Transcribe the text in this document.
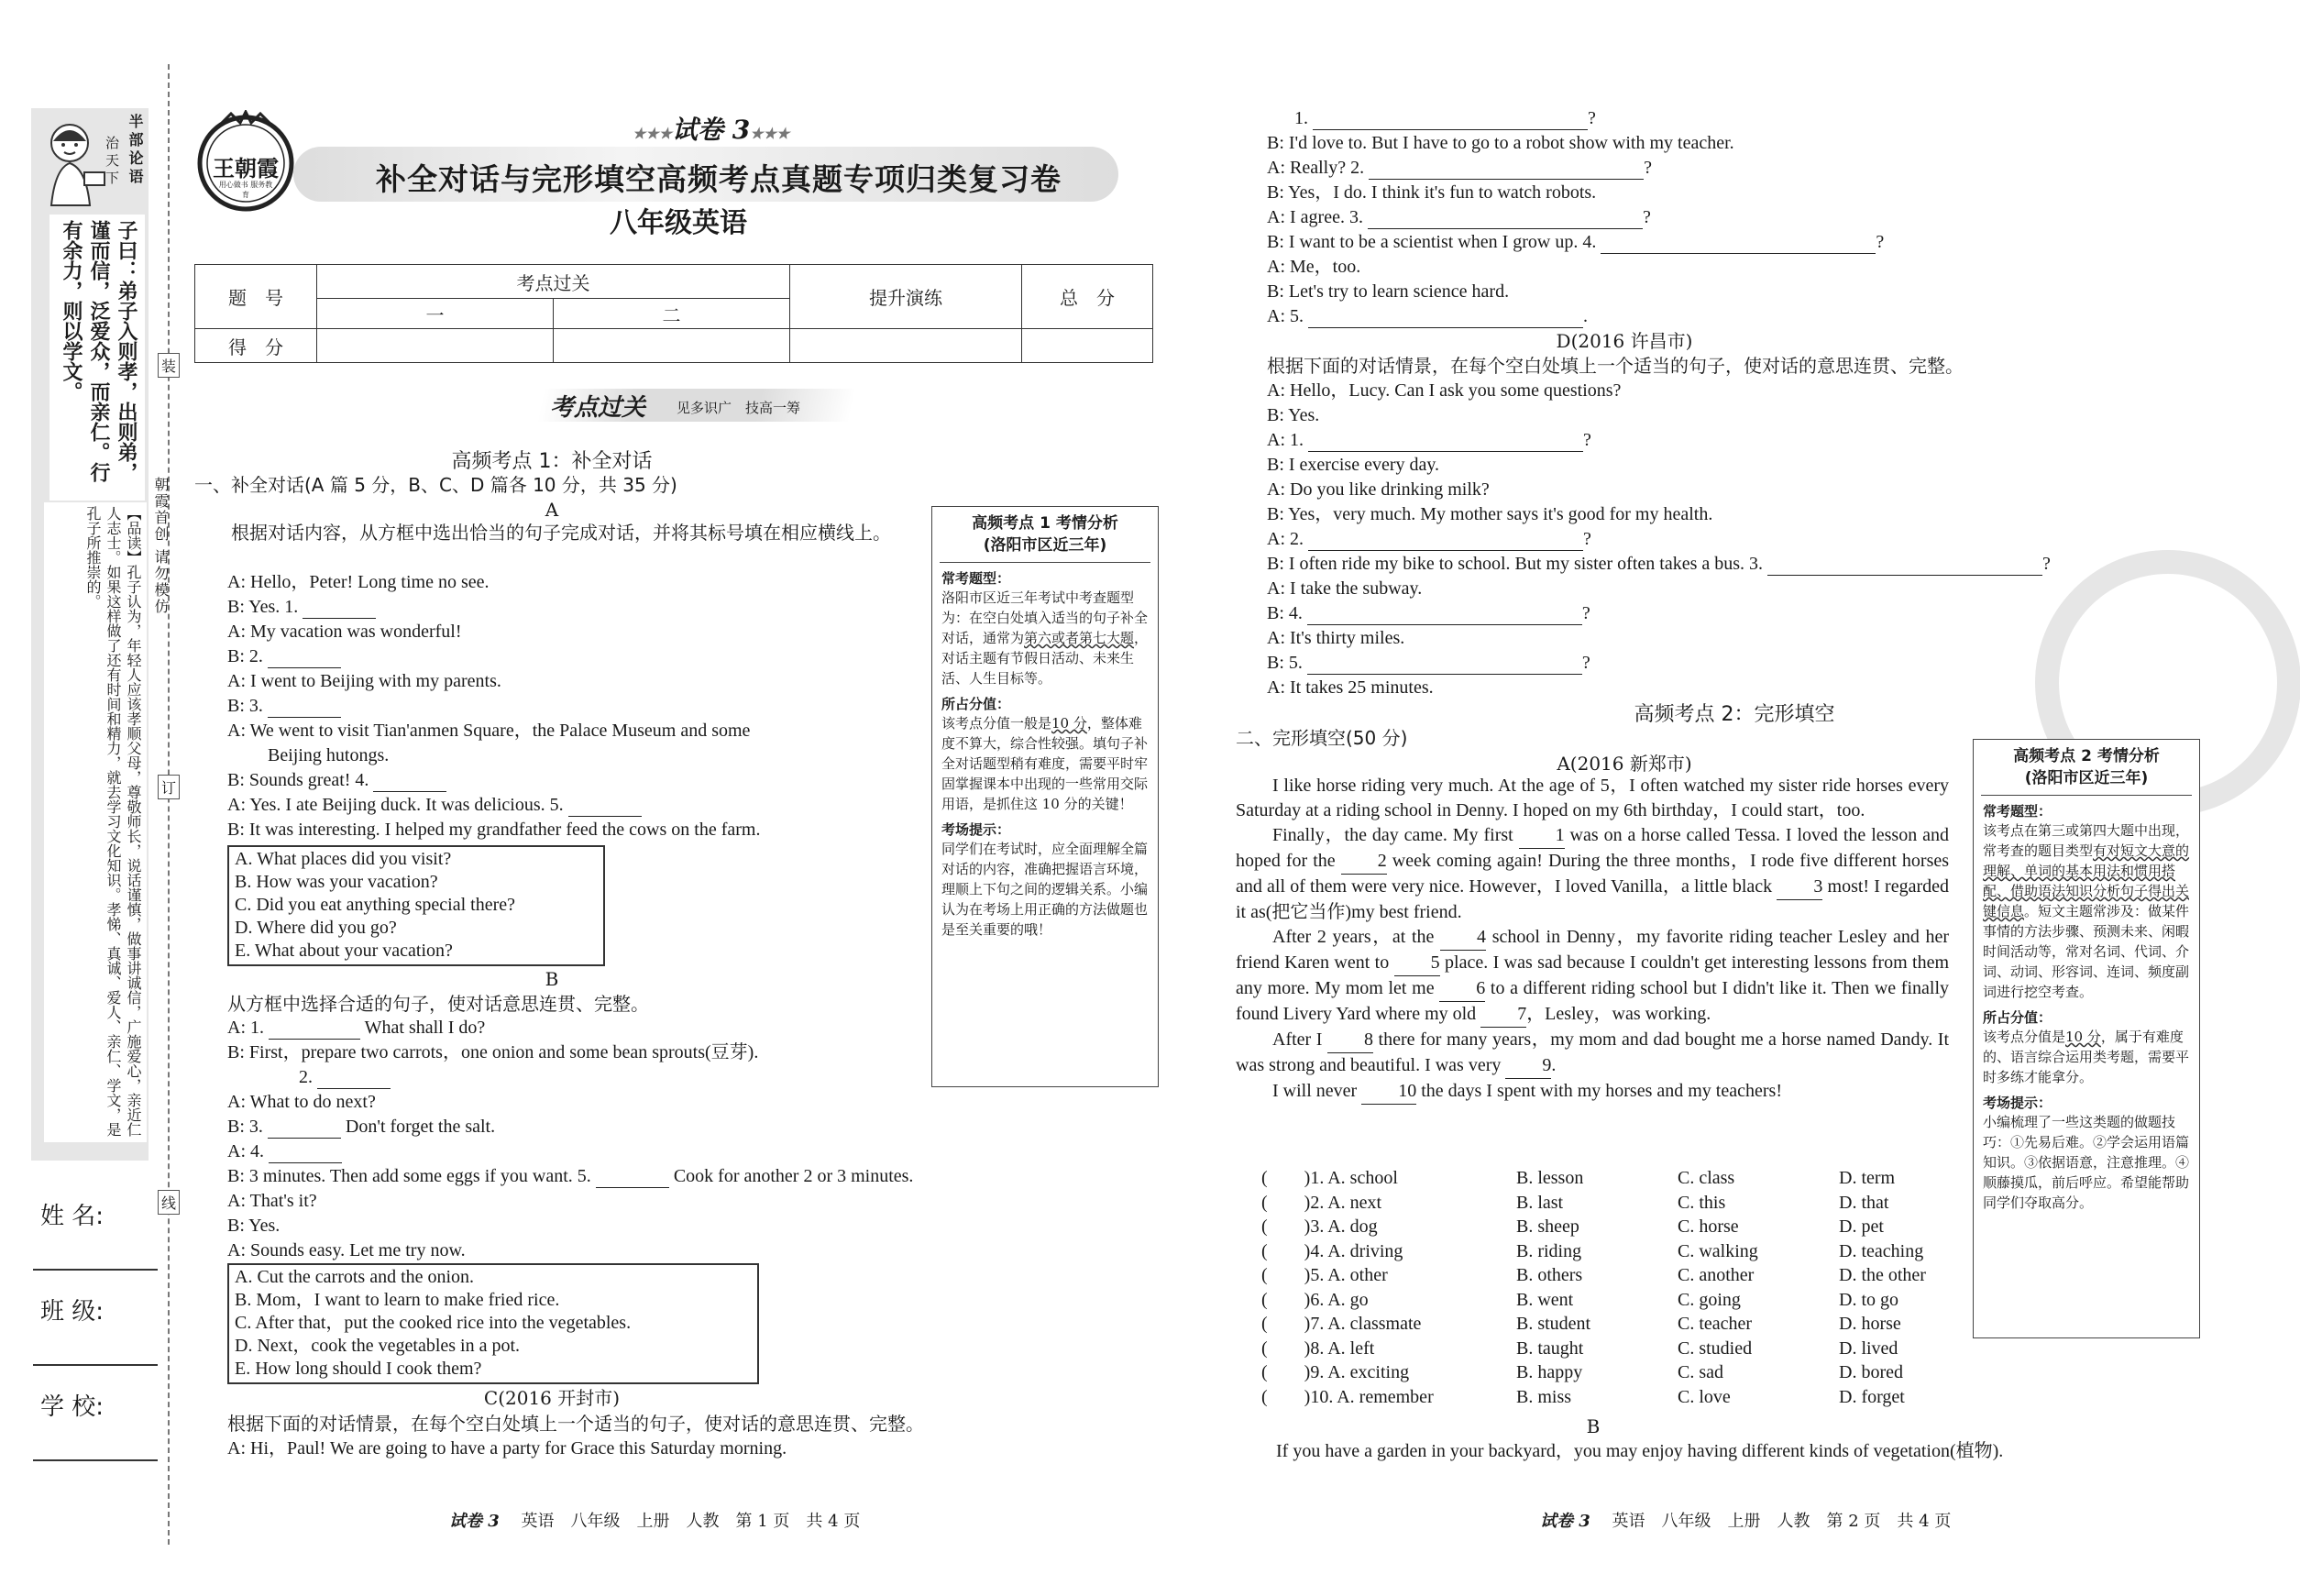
半部论语
治天下
子曰：弟子入则孝，出则弟，谨而信，泛爱众，而亲仁。行有余力，则以学文。
【品读】孔子认为，年轻人应该孝顺父母，尊敬师长，说话谨慎，做事讲诚信，广施爱心，亲近仁人志士。如果这样做了还有时间和精力，就去学习文化知识。孝悌、真诚、爱人、亲仁、学文，是孔子所推崇的。
装
订
线
朝霞首创 请勿模仿
姓 名:
班 级:
学 校:
王朝霞
用心做书 服务教育
★★★试卷 3★★★
补全对话与完形填空高频考点真题专项归类复习卷
八年级英语
题　号	考点过关		提升演练	总　分
	一	二		
得　分				
考点过关 见多识广　技高一筹
高频考点 1：补全对话
一、补全对话(A 篇 5 分，B、C、D 篇各 10 分，共 35 分)
A
根据对话内容，从方框中选出恰当的句子完成对话，并将其标号填在相应横线上。
A: Hello，Peter! Long time no see.
B: Yes. 1.
A: My vacation was wonderful!
B: 2.
A: I went to Beijing with my parents.
B: 3.
A: We went to visit Tian'anmen Square，the Palace Museum and some
Beijing hutongs.
B: Sounds great! 4.
A: Yes. I ate Beijing duck. It was delicious. 5.
B: It was interesting. I helped my grandfather feed the cows on the farm.
A. What places did you visit?
B. How was your vacation?
C. Did you eat anything special there?
D. Where did you go?
E. What about your vacation?
B
从方框中选择合适的句子，使对话意思连贯、完整。
A: 1.	What shall I do?
B: First，prepare two carrots，one onion and some bean sprouts(豆芽).
2.
A: What to do next?
B: 3.	Don't forget the salt.
A: 4.
B: 3 minutes. Then add some eggs if you want. 5.	Cook for another 2 or 3 minutes.
A: That's it?
B: Yes.
A: Sounds easy. Let me try now.
A. Cut the carrots and the onion.
B. Mom，I want to learn to make fried rice.
C. After that，put the cooked rice into the vegetables.
D. Next，cook the vegetables in a pot.
E. How long should I cook them?
C(2016 开封市)
根据下面的对话情景，在每个空白处填上一个适当的句子，使对话的意思连贯、完整。
A: Hi，Paul! We are going to have a party for Grace this Saturday morning.
高频考点 1 考情分析
(洛阳市区近三年)
常考题型：
洛阳市区近三年考试中考查题型为：在空白处填入适当的句子补全对话，通常为第六或者第七大题，对话主题有节假日活动、未来生活、人生目标等。
所占分值：
该考点分值一般是10 分，整体难度不算大，综合性较强。填句子补全对话题型稍有难度，需要平时牢固掌握课本中出现的一些常用交际用语，是抓住这 10 分的关键！
考场提示：
同学们在考试时，应全面理解全篇对话的内容，准确把握语言环境，理顺上下句之间的逻辑关系。小编认为在考场上用正确的方法做题也是至关重要的哦！
1.	?
B: I'd love to. But I have to go to a robot show with my teacher.
A: Really? 2.	?
B: Yes，I do. I think it's fun to watch robots.
A: I agree. 3.	?
B: I want to be a scientist when I grow up. 4.	?
A: Me，too.
B: Let's try to learn science hard.
A: 5.	.
D(2016 许昌市)
根据下面的对话情景，在每个空白处填上一个适当的句子，使对话的意思连贯、完整。
A: Hello，Lucy. Can I ask you some questions?
B: Yes.
A: 1.	?
B: I exercise every day.
A: Do you like drinking milk?
B: Yes，very much. My mother says it's good for my health.
A: 2.	?
B: I often ride my bike to school. But my sister often takes a bus. 3.	?
A: I take the subway.
B: 4.	?
A: It's thirty miles.
B: 5.	?
A: It takes 25 minutes.
高频考点 2：完形填空
二、完形填空(50 分)
A(2016 新郑市)
I like horse riding very much. At the age of 5，I often watched my sister ride horses every Saturday at a riding school in Denny. I hoped on my 6th birthday，I could start，too.
Finally，the day came. My first 1 was on a horse called Tessa. I loved the lesson and hoped for the 2 week coming again! During the three months，I rode five different horses and all of them were very nice. However，I loved Vanilla，a little black 3 most! I regarded it as(把它当作)my best friend.
After 2 years，at the 4 school in Denny，my favorite riding teacher Lesley and her friend Karen went to 5 place. I was sad because I couldn't get interesting lessons from them any more. My mom let me 6 to a different riding school but I didn't like it. Then we finally found Livery Yard where my old 7，Lesley，was working.
After I 8 there for many years，my mom and dad bought me a horse named Dandy. It was strong and beautiful. I was very 9.
I will never 10 the days I spent with my horses and my teachers!
(　　)1. A. school	B. lesson	C. class	D. term
(　　)2. A. next	B. last	C. this	D. that
(　　)3. A. dog	B. sheep	C. horse	D. pet
(　　)4. A. driving	B. riding	C. walking	D. teaching
(　　)5. A. other	B. others	C. another	D. the other
(　　)6. A. go	B. went	C. going	D. to go
(　　)7. A. classmate	B. student	C. teacher	D. horse
(　　)8. A. left	B. taught	C. studied	D. lived
(　　)9. A. exciting	B. happy	C. sad	D. bored
(　　)10. A. remember	B. miss	C. love	D. forget
B
If you have a garden in your backyard，you may enjoy having different kinds of vegetation(植物).
高频考点 2 考情分析
(洛阳市区近三年)
常考题型：
该考点在第三或第四大题中出现，常考查的题目类型有对短文大意的理解、单词的基本用法和惯用搭配、借助语法知识分析句子得出关键信息。短文主题常涉及：做某件事情的方法步骤、预测未来、闲暇时间活动等，常对名词、代词、介词、动词、形容词、连词、频度副词进行挖空考查。
所占分值：
该考点分值是10 分，属于有难度的、语言综合运用类考题，需要平时多练才能拿分。
考场提示：
小编梳理了一些这类题的做题技巧：①先易后难。②学会运用语篇知识。③依据语意，注意推理。④顺藤摸瓜，前后呼应。希望能帮助同学们夺取高分。
试卷 3 英语　八年级　上册　人教　第 1 页　共 4 页	试卷 3 英语　八年级　上册　人教　第 2 页　共 4 页
